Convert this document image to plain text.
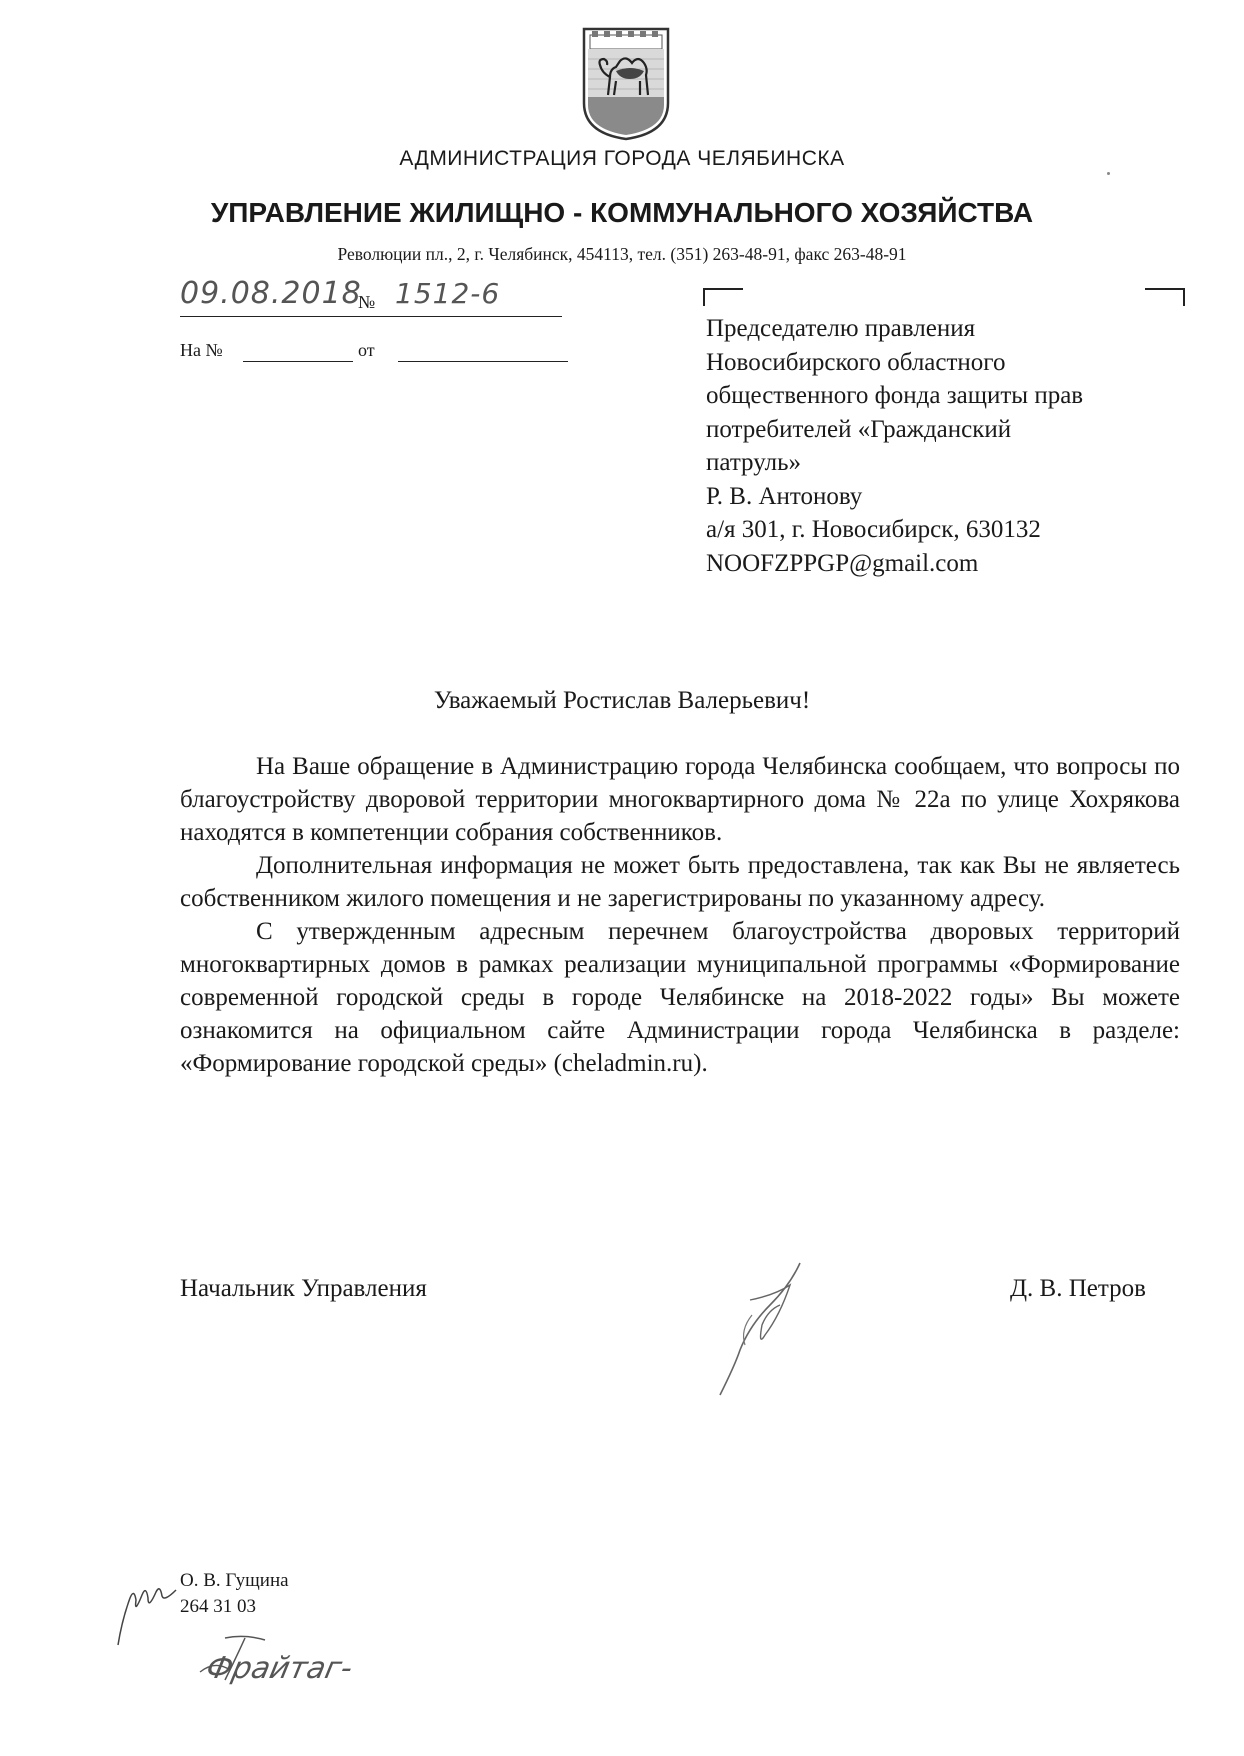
АДМИНИСТРАЦИЯ ГОРОДА ЧЕЛЯБИНСКА
УПРАВЛЕНИЕ ЖИЛИЩНО - КОММУНАЛЬНОГО ХОЗЯЙСТВА
Революции пл., 2, г. Челябинск, 454113, тел. (351) 263-48-91, факс 263-48-91
09.08.2018
№ 1512-6
На №	от
Председателю правления
Новосибирского областного
общественного фонда защиты прав
потребителей «Гражданский
патруль»
Р. В. Антонову
а/я 301, г. Новосибирск, 630132
NOOFZPPGP@gmail.com
Уважаемый Ростислав Валерьевич!

На Ваше обращение в Администрацию города Челябинска сообщаем, что вопросы по благоустройству дворовой территории многоквартирного дома № 22а по улице Хохрякова находятся в компетенции собрания собственников.

Дополнительная информация не может быть предоставлена, так как Вы не являетесь собственником жилого помещения и не зарегистрированы по указанному адресу.

С утвержденным адресным перечнем благоустройства дворовых территорий многоквартирных домов в рамках реализации муниципальной программы «Формирование современной городской среды в городе Челябинске на 2018-2022 годы» Вы можете ознакомится на официальном сайте Администрации города Челябинска в разделе: «Формирование городской среды» (cheladmin.ru).

Начальник Управления	Д. В. Петров
О. В. Гущина
264 31 03
Фрайтаг-
